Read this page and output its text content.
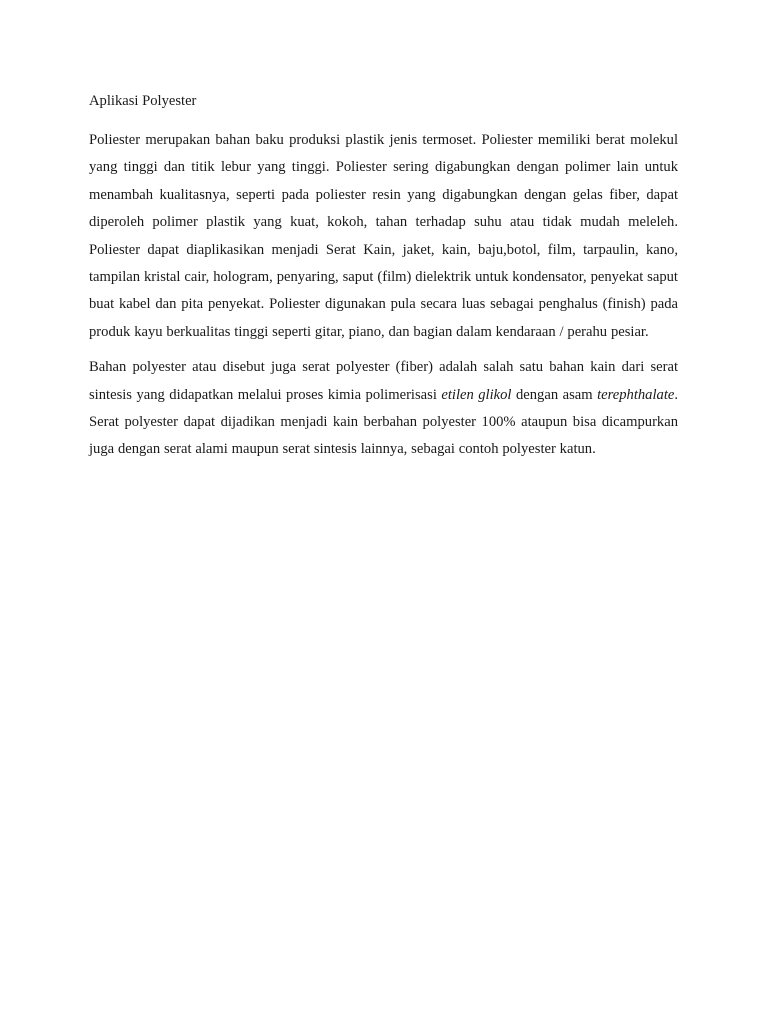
Aplikasi Polyester

Poliester merupakan bahan baku produksi plastik jenis termoset. Poliester memiliki berat molekul yang tinggi dan titik lebur yang tinggi. Poliester sering digabungkan dengan polimer lain untuk menambah kualitasnya, seperti pada poliester resin yang digabungkan dengan gelas fiber, dapat diperoleh polimer plastik yang kuat, kokoh, tahan terhadap suhu atau tidak mudah meleleh. Poliester dapat diaplikasikan menjadi Serat Kain, jaket, kain, baju,botol, film, tarpaulin, kano, tampilan kristal cair, hologram, penyaring, saput (film) dielektrik untuk kondensator, penyekat saput buat kabel dan pita penyekat. Poliester digunakan pula secara luas sebagai penghalus (finish) pada produk kayu berkualitas tinggi seperti gitar, piano, dan bagian dalam kendaraan / perahu pesiar.

Bahan polyester atau disebut juga serat polyester (fiber) adalah salah satu bahan kain dari serat sintesis yang didapatkan melalui proses kimia polimerisasi etilen glikol dengan asam terephthalate. Serat polyester dapat dijadikan menjadi kain berbahan polyester 100% ataupun bisa dicampurkan juga dengan serat alami maupun serat sintesis lainnya, sebagai contoh polyester katun.
